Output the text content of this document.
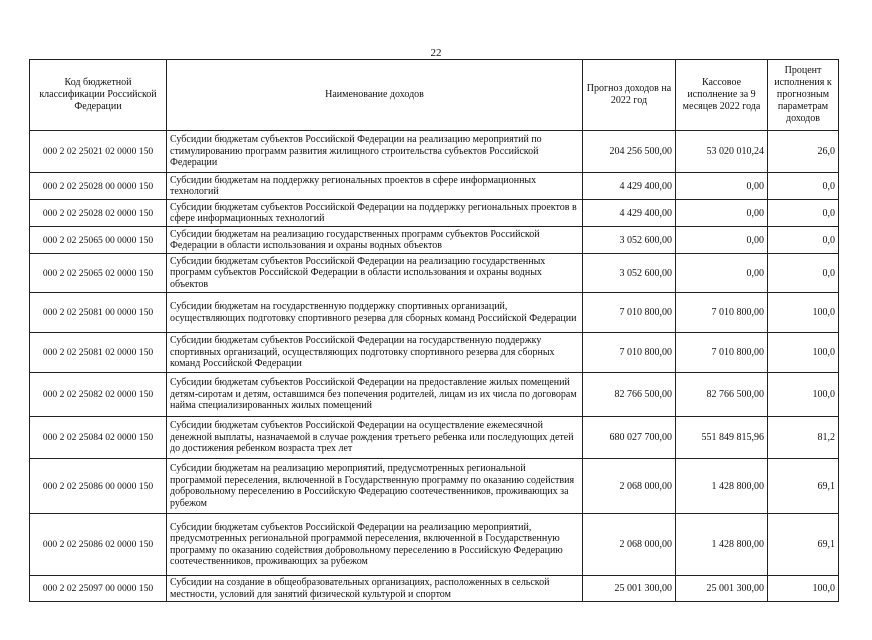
22
Код бюджетной классификации Российской Федерации	Наименование доходов	Прогноз доходов на 2022 год	Кассовое исполнение за 9 месяцев 2022 года	Процент исполнения к прогнозным параметрам доходов
000 2 02 25021 02 0000 150	Субсидии бюджетам субъектов Российской Федерации на реализацию мероприятий по стимулированию программ развития жилищного строительства субъектов Российской Федерации	204 256 500,00	53 020 010,24	26,0
000 2 02 25028 00 0000 150	Субсидии бюджетам на поддержку региональных проектов в сфере информационных технологий	4 429 400,00	0,00	0,0
000 2 02 25028 02 0000 150	Субсидии бюджетам субъектов Российской Федерации на поддержку региональных проектов в сфере информационных технологий	4 429 400,00	0,00	0,0
000 2 02 25065 00 0000 150	Субсидии бюджетам на реализацию государственных программ субъектов Российской Федерации в области использования и охраны водных объектов	3 052 600,00	0,00	0,0
000 2 02 25065 02 0000 150	Субсидии бюджетам субъектов Российской Федерации на реализацию государственных программ субъектов Российской Федерации в области использования и охраны водных объектов	3 052 600,00	0,00	0,0
000 2 02 25081 00 0000 150	Субсидии бюджетам на государственную поддержку спортивных организаций, осуществляющих подготовку спортивного резерва для сборных команд Российской Федерации	7 010 800,00	7 010 800,00	100,0
000 2 02 25081 02 0000 150	Субсидии бюджетам субъектов Российской Федерации на государственную поддержку спортивных организаций, осуществляющих подготовку спортивного резерва для сборных команд Российской Федерации	7 010 800,00	7 010 800,00	100,0
000 2 02 25082 02 0000 150	Субсидии бюджетам субъектов Российской Федерации на предоставление жилых помещений детям-сиротам и детям, оставшимся без попечения родителей, лицам из их числа по договорам найма специализированных жилых помещений	82 766 500,00	82 766 500,00	100,0
000 2 02 25084 02 0000 150	Субсидии бюджетам субъектов Российской Федерации на осуществление ежемесячной денежной выплаты, назначаемой в случае рождения третьего ребенка или последующих детей до достижения ребенком возраста трех лет	680 027 700,00	551 849 815,96	81,2
000 2 02 25086 00 0000 150	Субсидии бюджетам на реализацию мероприятий, предусмотренных региональной программой переселения, включенной в Государственную программу по оказанию содействия добровольному переселению в Российскую Федерацию соотечественников, проживающих за рубежом	2 068 000,00	1 428 800,00	69,1
000 2 02 25086 02 0000 150	Субсидии бюджетам субъектов Российской Федерации на реализацию мероприятий, предусмотренных региональной программой переселения, включенной в Государственную программу по оказанию содействия добровольному переселению в Российскую Федерацию соотечественников, проживающих за рубежом	2 068 000,00	1 428 800,00	69,1
000 2 02 25097 00 0000 150	Субсидии на создание в общеобразовательных организациях, расположенных в сельской местности, условий для занятий физической культурой и спортом	25 001 300,00	25 001 300,00	100,0
